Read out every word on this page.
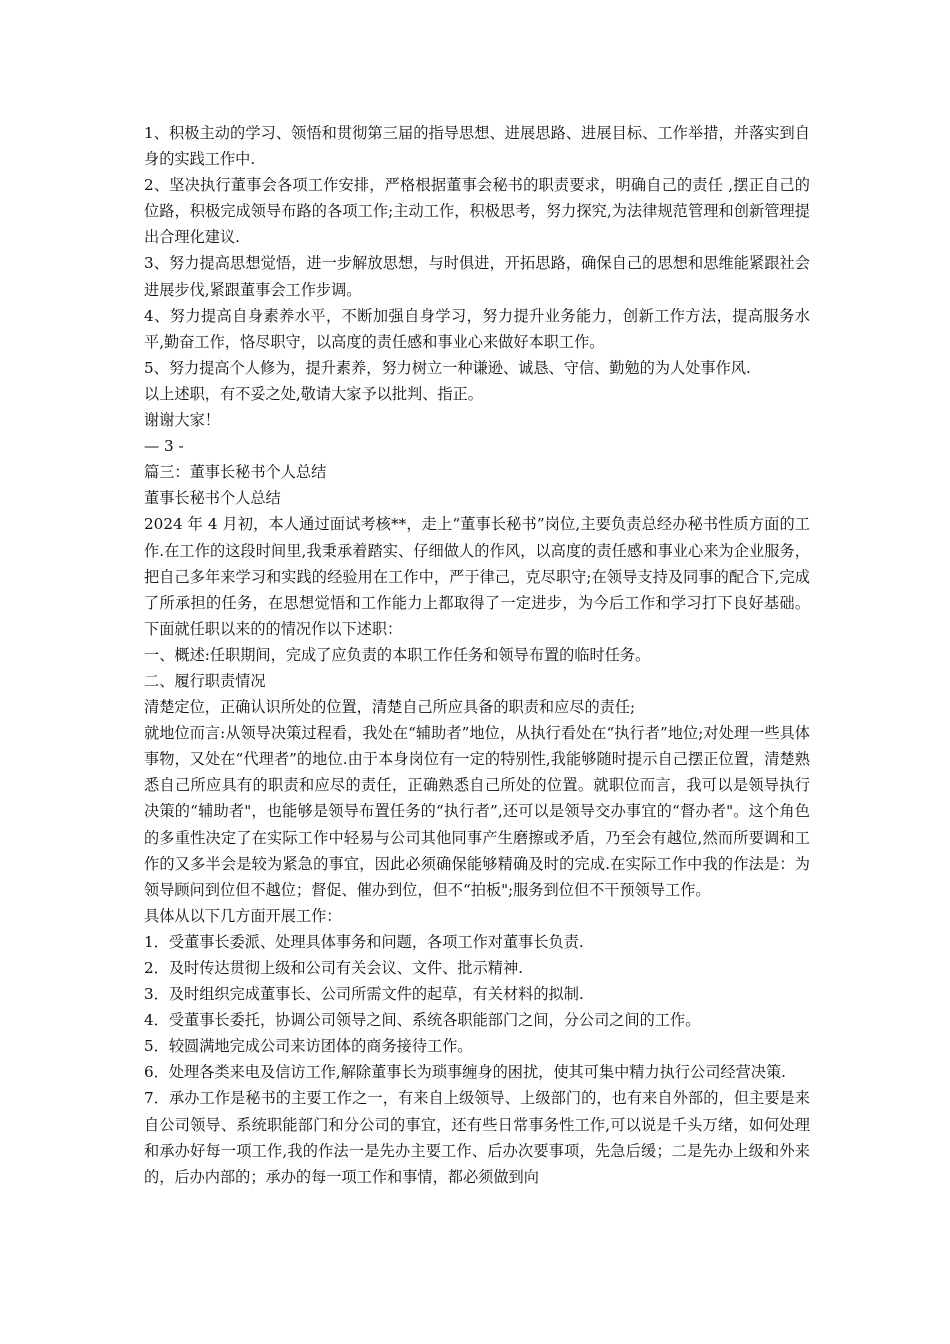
1、积极主动的学习、领悟和贯彻第三届的指导思想、进展思路、进展目标、工作举措，并落实到自身的实践工作中.

2、坚决执行董事会各项工作安排，严格根据董事会秘书的职责要求，明确自己的责任 ,摆正自己的位路，积极完成领导布路的各项工作;主动工作，积极思考，努力探究,为法律规范管理和创新管理提出合理化建议.

3、努力提高思想觉悟，进一步解放思想，与时俱进，开拓思路，确保自己的思想和思维能紧跟社会进展步伐,紧跟董事会工作步调。

4、努力提高自身素养水平，不断加强自身学习，努力提升业务能力，创新工作方法，提高服务水平,勤奋工作，恪尽职守，以高度的责任感和事业心来做好本职工作。

5、努力提高个人修为，提升素养，努力树立一种谦逊、诚恳、守信、勤勉的为人处事作风.

以上述职，有不妥之处,敬请大家予以批判、指正。

谢谢大家！

— 3 -

篇三：董事长秘书个人总结

董事长秘书个人总结

2024 年 4 月初，本人通过面试考核**，走上“董事长秘书”岗位,主要负责总经办秘书性质方面的工作.在工作的这段时间里,我秉承着踏实、仔细做人的作风，以高度的责任感和事业心来为企业服务，把自己多年来学习和实践的经验用在工作中，严于律己，克尽职守;在领导支持及同事的配合下,完成了所承担的任务，在思想觉悟和工作能力上都取得了一定进步，为今后工作和学习打下良好基础。下面就任职以来的的情况作以下述职：

一、概述:任职期间，完成了应负责的本职工作任务和领导布置的临时任务。

二、履行职责情况

清楚定位，正确认识所处的位置，清楚自己所应具备的职责和应尽的责任;

就地位而言:从领导决策过程看，我处在“辅助者”地位，从执行看处在“执行者”地位;对处理一些具体事物，又处在“代理者”的地位.由于本身岗位有一定的特别性,我能够随时提示自己摆正位置，清楚熟悉自己所应具有的职责和应尽的责任，正确熟悉自己所处的位置。就职位而言，我可以是领导执行决策的“辅助者"，也能够是领导布置任务的“执行者”,还可以是领导交办事宜的“督办者"。这个角色的多重性决定了在实际工作中轻易与公司其他同事产生磨擦或矛盾，乃至会有越位,然而所要调和工作的又多半会是较为紧急的事宜，因此必须确保能够精确及时的完成.在实际工作中我的作法是：为领导顾问到位但不越位；督促、催办到位，但不“拍板";服务到位但不干预领导工作。

具体从以下几方面开展工作：

1．受董事长委派、处理具体事务和问题，各项工作对董事长负责.

2．及时传达贯彻上级和公司有关会议、文件、批示精神.

3．及时组织完成董事长、公司所需文件的起草，有关材料的拟制.

4．受董事长委托，协调公司领导之间、系统各职能部门之间，分公司之间的工作。

5．较圆满地完成公司来访团体的商务接待工作。

6．处理各类来电及信访工作,解除董事长为琐事缠身的困扰，使其可集中精力执行公司经营决策.

7．承办工作是秘书的主要工作之一，有来自上级领导、上级部门的，也有来自外部的，但主要是来自公司领导、系统职能部门和分公司的事宜，还有些日常事务性工作,可以说是千头万绪，如何处理和承办好每一项工作,我的作法一是先办主要工作、后办次要事项，先急后缓；二是先办上级和外来的，后办内部的；承办的每一项工作和事情，都必须做到向
